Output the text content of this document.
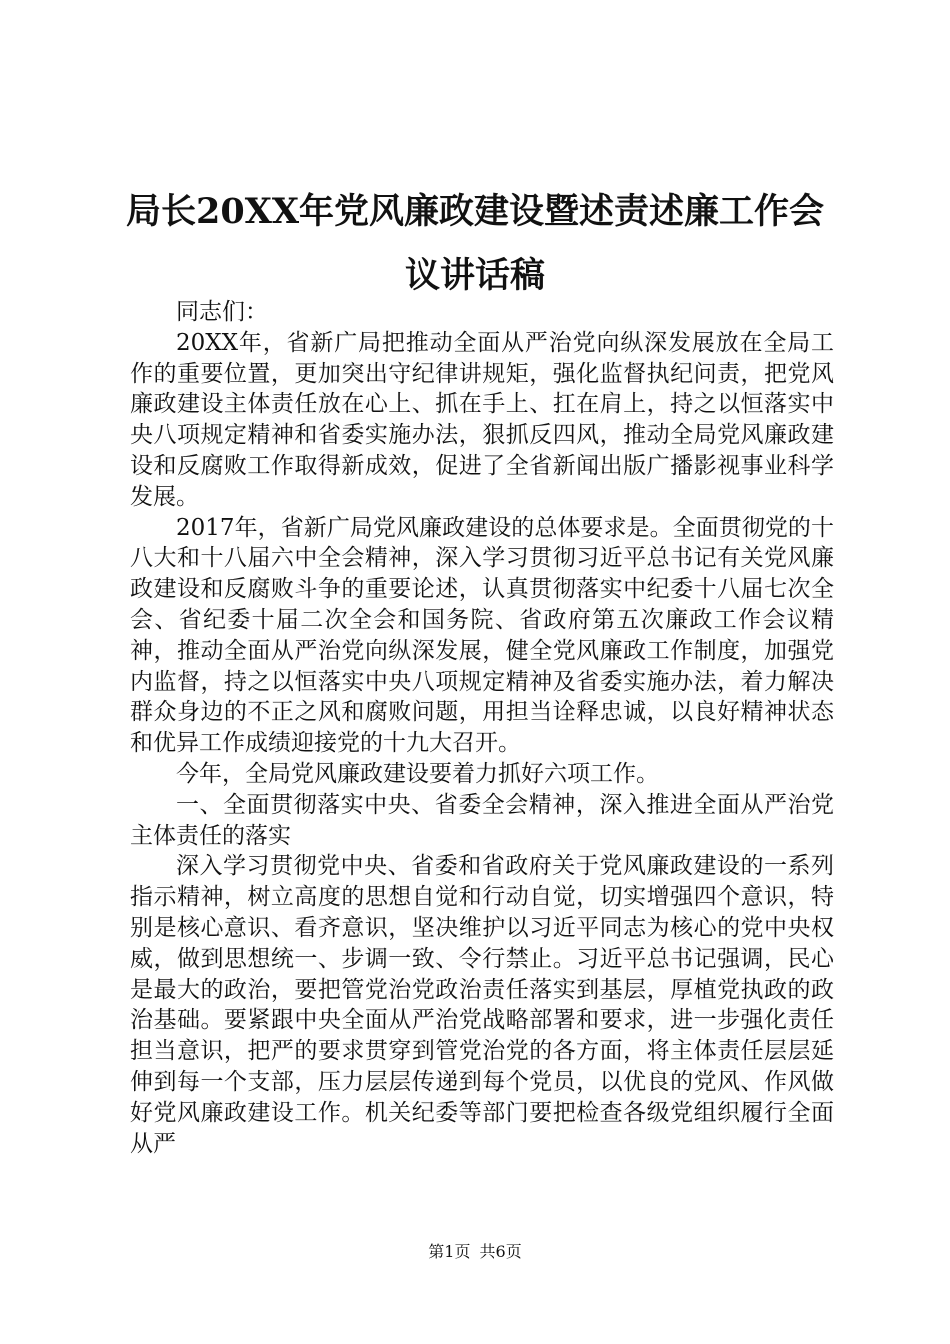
局长20XX年党风廉政建设暨述责述廉工作会议讲话稿

同志们：

20XX年，省新广局把推动全面从严治党向纵深发展放在全局工作的重要位置，更加突出守纪律讲规矩，强化监督执纪问责，把党风廉政建设主体责任放在心上、抓在手上、扛在肩上，持之以恒落实中央八项规定精神和省委实施办法，狠抓反四风，推动全局党风廉政建设和反腐败工作取得新成效，促进了全省新闻出版广播影视事业科学发展。

2017年，省新广局党风廉政建设的总体要求是。全面贯彻党的十八大和十八届六中全会精神，深入学习贯彻习近平总书记有关党风廉政建设和反腐败斗争的重要论述，认真贯彻落实中纪委十八届七次全会、省纪委十届二次全会和国务院、省政府第五次廉政工作会议精神，推动全面从严治党向纵深发展，健全党风廉政工作制度，加强党内监督，持之以恒落实中央八项规定精神及省委实施办法，着力解决群众身边的不正之风和腐败问题，用担当诠释忠诚，以良好精神状态和优异工作成绩迎接党的十九大召开。

今年，全局党风廉政建设要着力抓好六项工作。

一、全面贯彻落实中央、省委全会精神，深入推进全面从严治党主体责任的落实

深入学习贯彻党中央、省委和省政府关于党风廉政建设的一系列指示精神，树立高度的思想自觉和行动自觉，切实增强四个意识，特别是核心意识、看齐意识，坚决维护以习近平同志为核心的党中央权威，做到思想统一、步调一致、令行禁止。习近平总书记强调，民心是最大的政治，要把管党治党政治责任落实到基层，厚植党执政的政治基础。要紧跟中央全面从严治党战略部署和要求，进一步强化责任担当意识，把严的要求贯穿到管党治党的各方面，将主体责任层层延伸到每一个支部，压力层层传递到每个党员，以优良的党风、作风做好党风廉政建设工作。机关纪委等部门要把检查各级党组织履行全面从严

第1页 共6页
